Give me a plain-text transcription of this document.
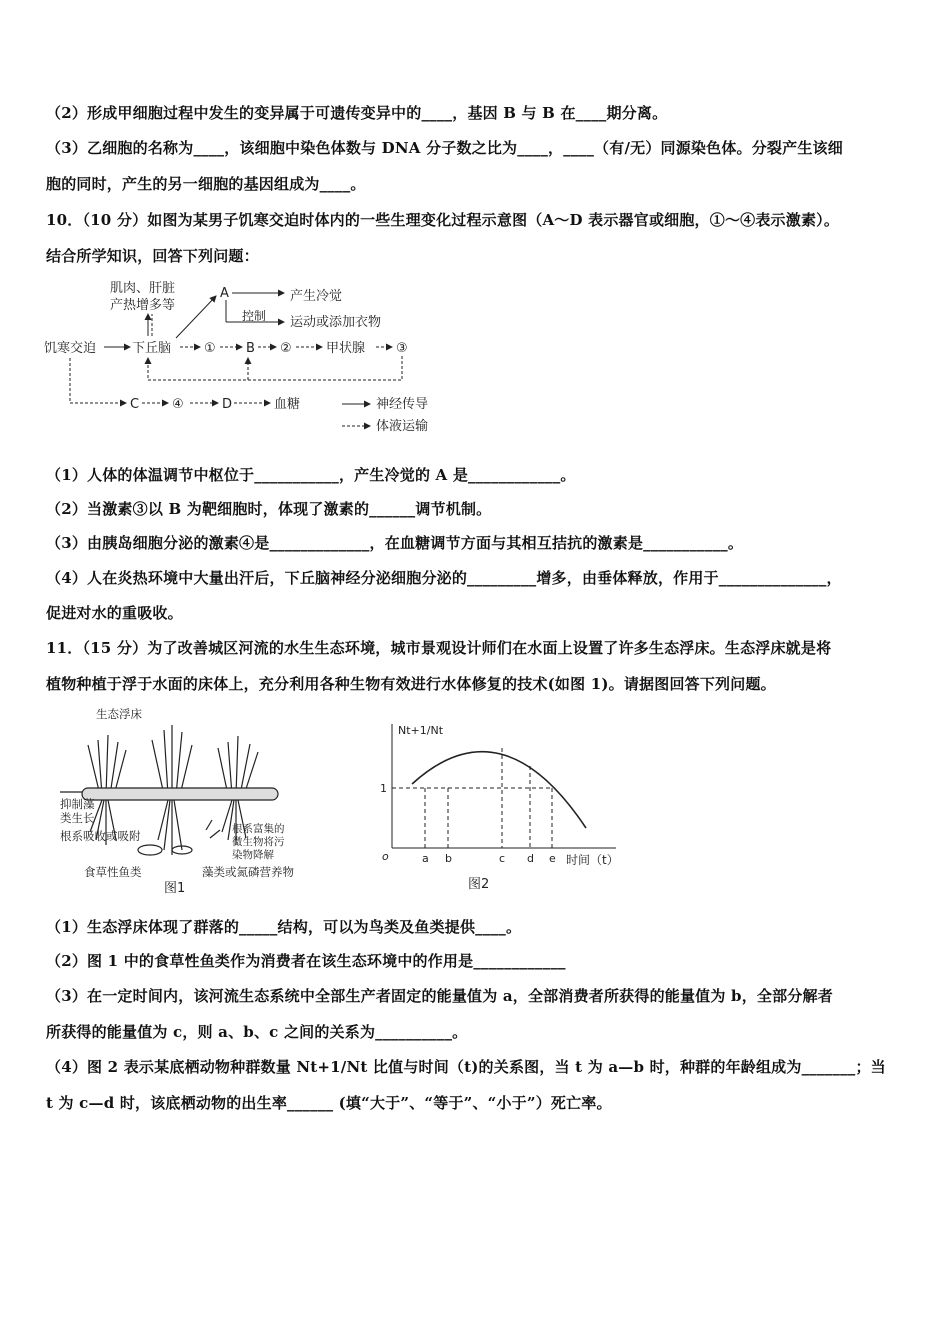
（2）形成甲细胞过程中发生的变异属于可遗传变异中的____，基因 B 与 B 在____期分离。
（3）乙细胞的名称为____，该细胞中染色体数与 DNA 分子数之比为____，____（有/无）同源染色体。分裂产生该细
胞的同时，产生的另一细胞的基因组成为____。
10．（10 分）如图为某男子饥寒交迫时体内的一些生理变化过程示意图（A～D 表示器官或细胞，①～④表示激素）。
结合所学知识，回答下列问题：
肌肉、肝脏
产热增多等
A	产生冷觉
控制 运动或添加衣物
饥寒交迫	下丘脑	① B ②	甲状腺 ③
C	④	D	血糖	神经传导
体液运输
（1）人体的体温调节中枢位于___________，产生冷觉的 A 是____________。
（2）当激素③以 B 为靶细胞时，体现了激素的______调节机制。
（3）由胰岛细胞分泌的激素④是_____________，在血糖调节方面与其相互拮抗的激素是___________。
（4）人在炎热环境中大量出汗后，下丘脑神经分泌细胞分泌的_________增多，由垂体释放，作用于______________，
促进对水的重吸收。
11．（15 分）为了改善城区河流的水生生态环境，城市景观设计师们在水面上设置了许多生态浮床。生态浮床就是将
植物种植于浮于水面的床体上，充分利用各种生物有效进行水体修复的技术(如图 1)。请据图回答下列问题。
生态浮床
抑制藻
类生长
根系吸收或吸附	根系富集的
微生物将污
染物降解
食草性鱼类	藻类或氮磷营养物
图1
Nt+1/Nt
1
o	a b	c d e 时间（t）
图2
（1）生态浮床体现了群落的_____结构，可以为鸟类及鱼类提供____。
（2）图 1 中的食草性鱼类作为消费者在该生态环境中的作用是____________
（3）在一定时间内，该河流生态系统中全部生产者固定的能量值为 a，全部消费者所获得的能量值为 b，全部分解者
所获得的能量值为 c，则 a、b、c 之间的关系为__________。
（4）图 2 表示某底栖动物种群数量 Nt+1/Nt 比值与时间（t)的关系图，当 t 为 a—b 时，种群的年龄组成为_______；当
t 为 c—d 时，该底栖动物的出生率______ (填“大于”、“等于”、“小于”）死亡率。
